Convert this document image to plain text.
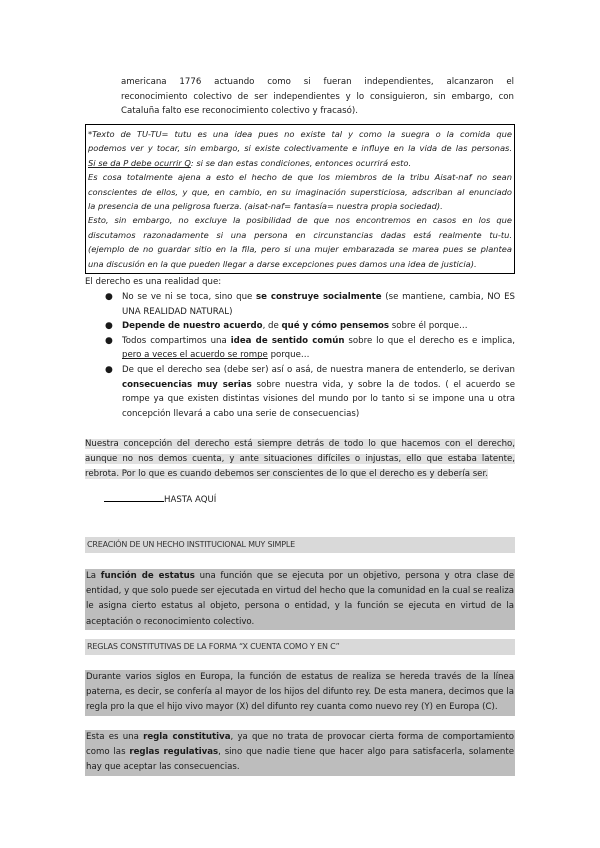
americana 1776 actuando como si fueran independientes, alcanzaron el
reconocimiento colectivo de ser independientes y lo consiguieron, sin embargo, con
Cataluña falto ese reconocimiento colectivo y fracasó).
*Texto de TU-TU= tutu es una idea pues no existe tal y como la suegra o la comida que
podemos ver y tocar, sin embargo, si existe colectivamente e influye en la vida de las personas.
Si se da P debe ocurrir Q: si se dan estas condiciones, entonces ocurrirá esto.
Es cosa totalmente ajena a esto el hecho de que los miembros de la tribu Aisat-naf no sean
conscientes de ellos, y que, en cambio, en su imaginación supersticiosa, adscriban al enunciado
la presencia de una peligrosa fuerza. (aisat-naf= fantasía= nuestra propia sociedad).
Esto, sin embargo, no excluye la posibilidad de que nos encontremos en casos en los que
discutamos razonadamente si una persona en circunstancias dadas está realmente tu-tu.
(ejemplo de no guardar sitio en la fila, pero si una mujer embarazada se marea pues se plantea
una discusión en la que pueden llegar a darse excepciones pues damos una idea de justicia).
El derecho es una realidad que:
● No se ve ni se toca, sino que se construye socialmente (se mantiene, cambia, NO ES UNA REALIDAD NATURAL)
● Depende de nuestro acuerdo, de qué y cómo pensemos sobre él porque…
● Todos compartimos una idea de sentido común sobre lo que el derecho es e implica, pero a veces el acuerdo se rompe porque…
● De que el derecho sea (debe ser) así o asá, de nuestra manera de entenderlo, se derivan consecuencias muy serias sobre nuestra vida, y sobre la de todos. ( el acuerdo se rompe ya que existen distintas visiones del mundo por lo tanto si se impone una u otra concepción llevará a cabo una serie de consecuencias)
Nuestra concepción del derecho está siempre detrás de todo lo que hacemos con el derecho,
aunque no nos demos cuenta, y ante situaciones difíciles o injustas, ello que estaba latente,
rebrota. Por lo que es cuando debemos ser conscientes de lo que el derecho es y debería ser.
HASTA AQUÍ
CREACIÓN DE UN HECHO INSTITUCIONAL MUY SIMPLE
La función de estatus una función que se ejecuta por un objetivo, persona y otra clase de entidad, y que solo puede ser ejecutada en virtud del hecho que la comunidad en la cual se realiza le asigna cierto estatus al objeto, persona o entidad, y la función se ejecuta en virtud de la aceptación o reconocimiento colectivo.
REGLAS CONSTITUTIVAS DE LA FORMA “X CUENTA COMO Y EN C”
Durante varios siglos en Europa, la función de estatus de realiza se hereda través de la línea paterna, es decir, se confería al mayor de los hijos del difunto rey. De esta manera, decimos que la regla pro la que el hijo vivo mayor (X) del difunto rey cuanta como nuevo rey (Y) en Europa (C).
Esta es una regla constitutiva, ya que no trata de provocar cierta forma de comportamiento como las reglas regulativas, sino que nadie tiene que hacer algo para satisfacerla, solamente hay que aceptar las consecuencias.
